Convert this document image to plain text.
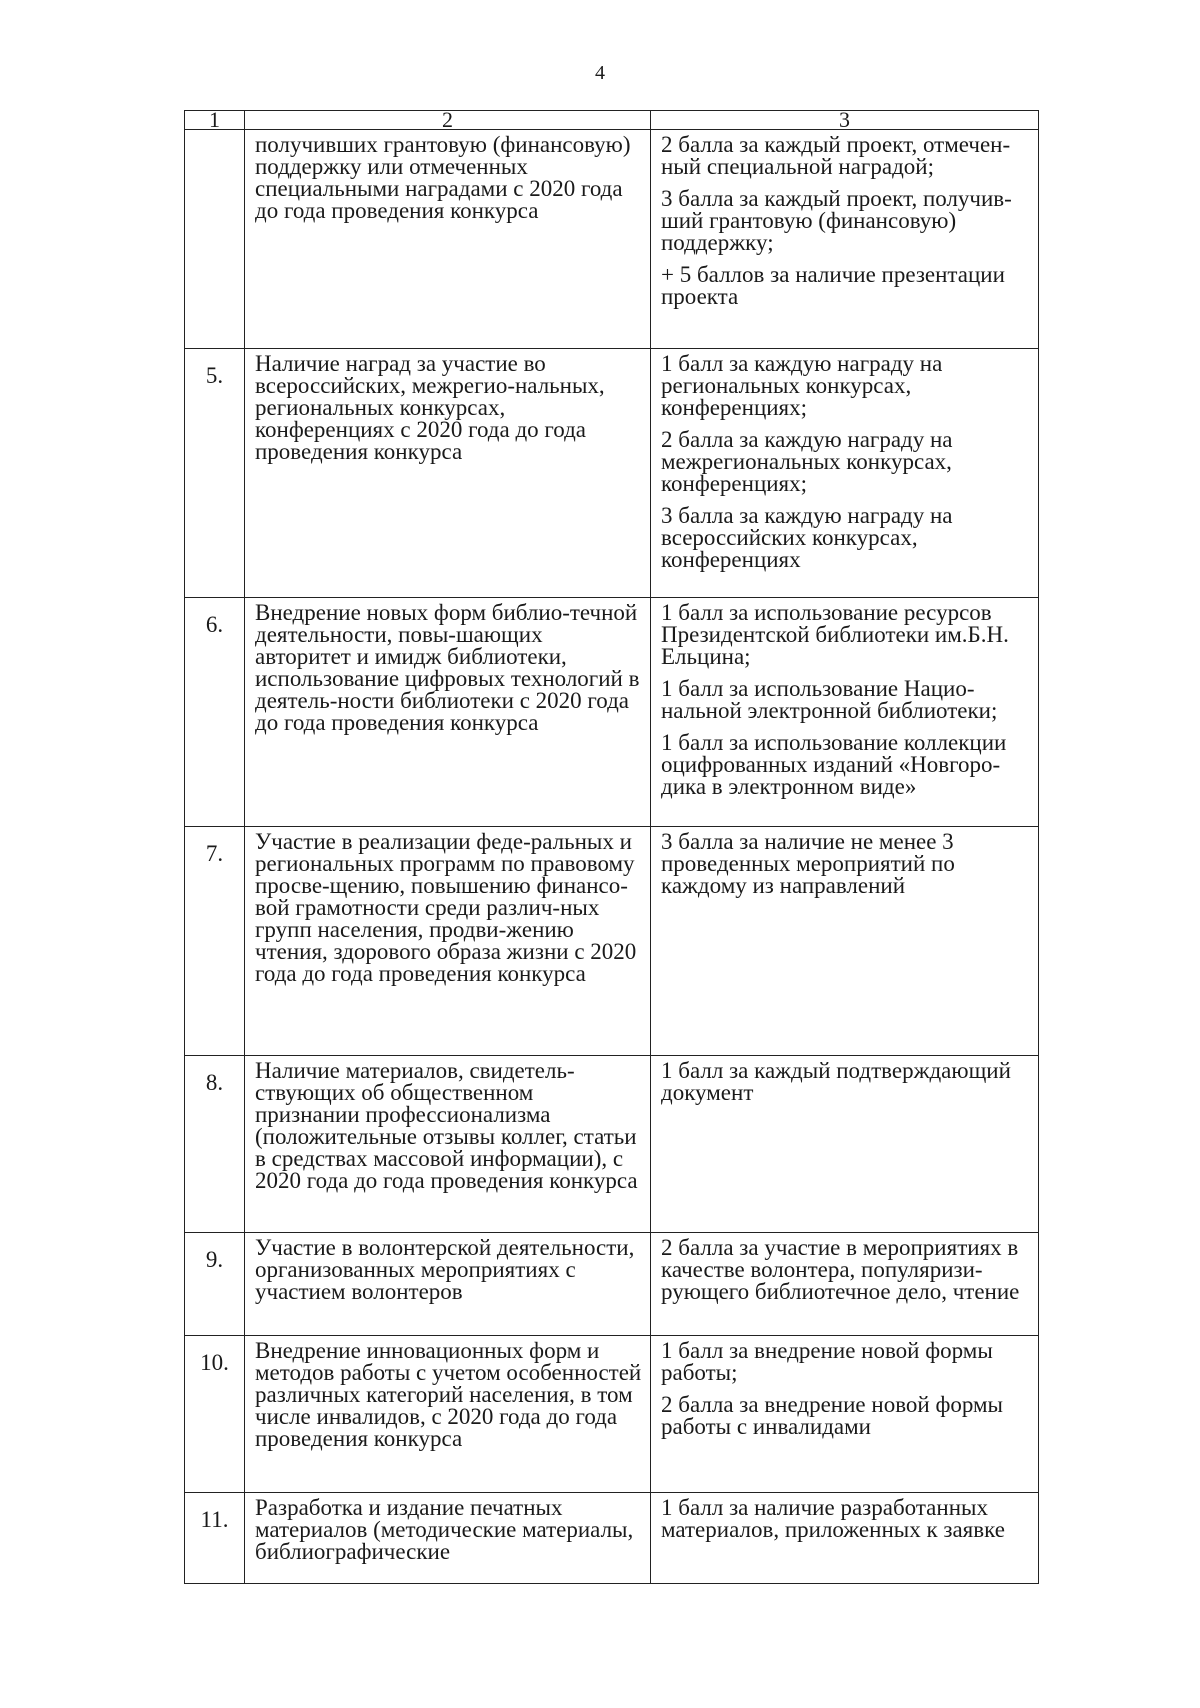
4
1	2	3
	получивших грантовую (финансовую) поддержку или отмеченных специальными наградами с 2020 года до года проведения конкурса	2 балла за каждый проект, отмечен-ный специальной наградой;

3 балла за каждый проект, получив-ший грантовую (финансовую) поддержку;

+ 5 баллов за наличие презентации проекта

5.	Наличие наград за участие во всероссийских, межрегио-нальных, региональных конкурсах, конференциях с 2020 года до года проведения конкурса	1 балл за каждую награду на региональных конкурсах, конференциях;

2 балла за каждую награду на межрегиональных конкурсах, конференциях;

3 балла за каждую награду на всероссийских конкурсах, конференциях

6.	Внедрение новых форм библио-течной деятельности, повы-шающих авторитет и имидж библиотеки, использование цифровых технологий в деятель-ности библиотеки с 2020 года до года проведения конкурса	1 балл за использование ресурсов Президентской библиотеки им.Б.Н. Ельцина;

1 балл за использование Нацио-нальной электронной библиотеки;

1 балл за использование коллекции оцифрованных изданий «Новгоро-дика в электронном виде»

7.	Участие в реализации феде-ральных и региональных программ по правовому просве-щению, повышению финансо-вой грамотности среди различ-ных групп населения, продви-жению чтения, здорового образа жизни с 2020 года до года проведения конкурса	3 балла за наличие не менее 3 проведенных мероприятий по каждому из направлений

8.	Наличие материалов, свидетель-ствующих об общественном признании профессионализма (положительные отзывы коллег, статьи в средствах массовой информации), с 2020 года до года проведения конкурса	1 балл за каждый подтверждающий документ

9.	Участие в волонтерской деятельности, организованных мероприятиях с участием волонтеров	2 балла за участие в мероприятиях в качестве волонтера, популяризи-рующего библиотечное дело, чтение

10.	Внедрение инновационных форм и методов работы с учетом особенностей различных категорий населения, в том числе инвалидов, с 2020 года до года проведения конкурса	1 балл за внедрение новой формы работы;

2 балла за внедрение новой формы работы с инвалидами

11.	Разработка и издание печатных материалов (методические материалы, библиографические	1 балл за наличие разработанных материалов, приложенных к заявке
